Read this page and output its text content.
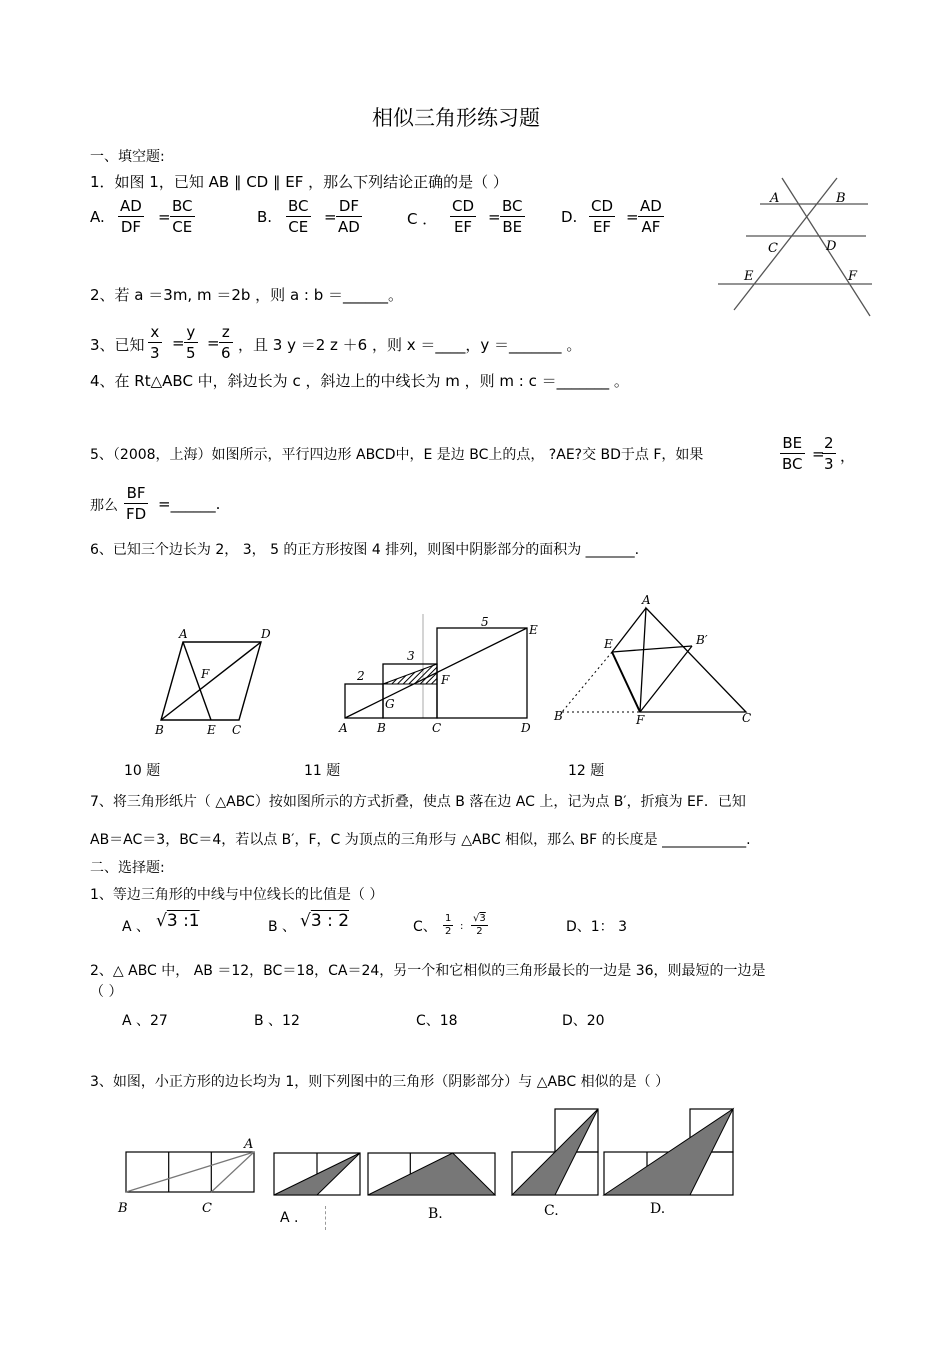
相似三角形练习题
一、填空题:
1．如图 1，已知 AB ∥ CD ∥ EF ，那么下列结论正确的是（ ）
A. $\frac{AD}{DF} = \frac{BC}{CE}$	B. $\frac{BC}{CE} = \frac{DF}{AD}$	C ． $\frac{CD}{EF} = \frac{BC}{BE} D$. $\frac{CD}{EF} = \frac{AD}{AF}$	A	B
C	D
E	F
2、若 a ＝3m, m ＝2b ，则 a : b ＝______。
3、已知 $\frac{x}{3} = \frac{y}{5} = \frac{z}{6}$ ，且 3 y ＝2 z ＋6 ，则 x ＝____，y ＝_______ 。
4、在 Rt△ABC 中，斜边长为 c ，斜边上的中线长为 m ，则 m : c ＝_______ 。
5、（2008，上海）如图所示，平行四边形 ABCD中，E 是边 BC上的点， ?AE?交 BD于点 F，如果	$\frac{BE}{BC}$ =
$\frac{2}{3}$ ，
那么 $\frac{BF}{FD}$ =______.
6、已知三个边长为 2， 3， 5 的正方形按图 4 排列，则图中阴影部分的面积为 _______.
A	D
B	E C
F	2
3
5
A B	C	D
E
F
G
A
E	B′
B	F	C
10 题	11 题	12 题
7、将三角形纸片（ △ABC）按如图所示的方式折叠，使点 B 落在边 AC 上，记为点 B′，折痕为 EF．已知
AB＝AC＝3，BC＝4，若以点 B′，F，C 为顶点的三角形与 △ABC 相似，那么 BF 的长度是 ____________.
二、选择题:
1、等边三角形的中线与中位线长的比值是（ ）
A 、 √3 :1	B 、 √3 : 2	C、 $\frac{1}{2}$ : $\frac{√3}{2}$	D、1： 3
2、△ ABC 中， AB ＝12，BC＝18，CA＝24，另一个和它相似的三角形最长的一边是 36，则最短的一边是
（ ）
A 、27	B 、12	C、18	D、20
3、如图，小正方形的边长均为 1，则下列图中的三角形（阴影部分）与 △ABC 相似的是（ ）
A
B	C
A .	B.	C.	D.
